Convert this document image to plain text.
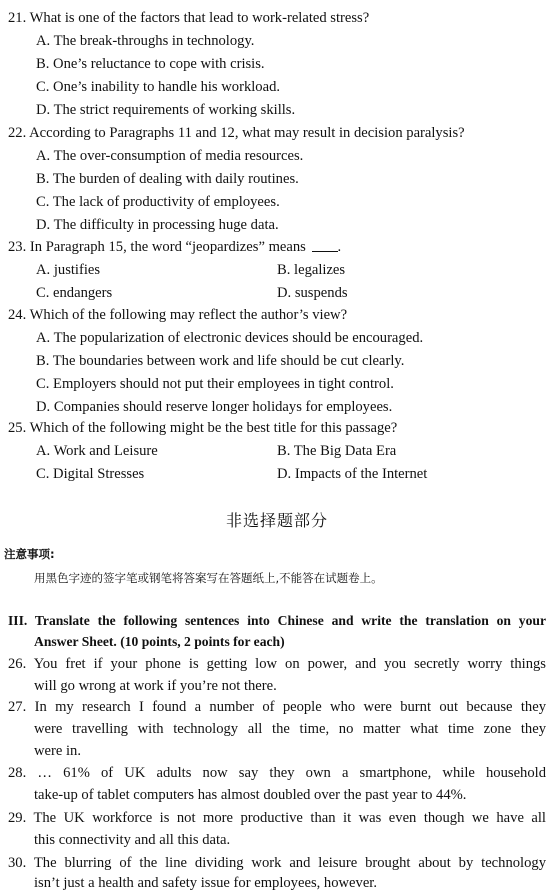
21. What is one of the factors that lead to work-related stress?
A. The break-throughs in technology.
B. One’s reluctance to cope with crisis.
C. One’s inability to handle his workload.
D. The strict requirements of working skills.
22. According to Paragraphs 11 and 12, what may result in decision paralysis?
A. The over-consumption of media resources.
B. The burden of dealing with daily routines.
C. The lack of productivity of employees.
D. The difficulty in processing huge data.
23. In Paragraph 15, the word “jeopardizes” means .
A. justifies	B. legalizes
C. endangers	D. suspends
24. Which of the following may reflect the author’s view?
A. The popularization of electronic devices should be encouraged.
B. The boundaries between work and life should be cut clearly.
C. Employers should not put their employees in tight control.
D. Companies should reserve longer holidays for employees.
25. Which of the following might be the best title for this passage?
A. Work and Leisure	B. The Big Data Era
C. Digital Stresses	D. Impacts of the Internet
非选择题部分
注意事项:
用黑色字迹的签字笔或钢笔将答案写在答题纸上,不能答在试题卷上。
III. Translate the following sentences into Chinese and write the translation on your
Answer Sheet. (10 points, 2 points for each)
26. You fret if your phone is getting low on power, and you secretly worry things
will go wrong at work if you’re not there.
27. In my research I found a number of people who were burnt out because they
were travelling with technology all the time, no matter what time zone they
were in.
28. … 61% of UK adults now say they own a smartphone, while household
take-up of tablet computers has almost doubled over the past year to 44%.
29. The UK workforce is not more productive than it was even though we have all
this connectivity and all this data.
30. The blurring of the line dividing work and leisure brought about by technology
isn’t just a health and safety issue for employees, however.
